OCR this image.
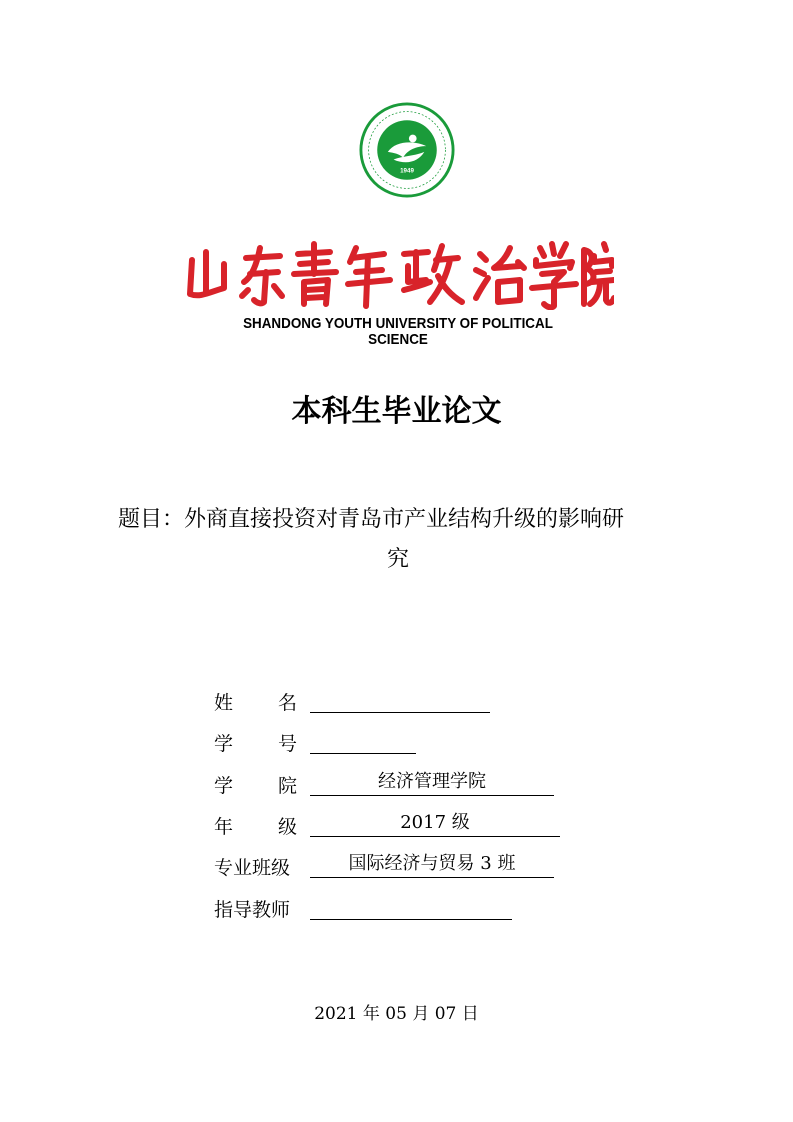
1949
SHANDONG YOUTH UNIVERSITY OF POLITICAL SCIENCE
本科生毕业论文
题目：外商直接投资对青岛市产业结构升级的影响研
究
姓 名
学 号
学 院	经济管理学院
年 级	2017 级
专业班级	国际经济与贸易 3 班
指导教师
2021 年 05 月 07 日
